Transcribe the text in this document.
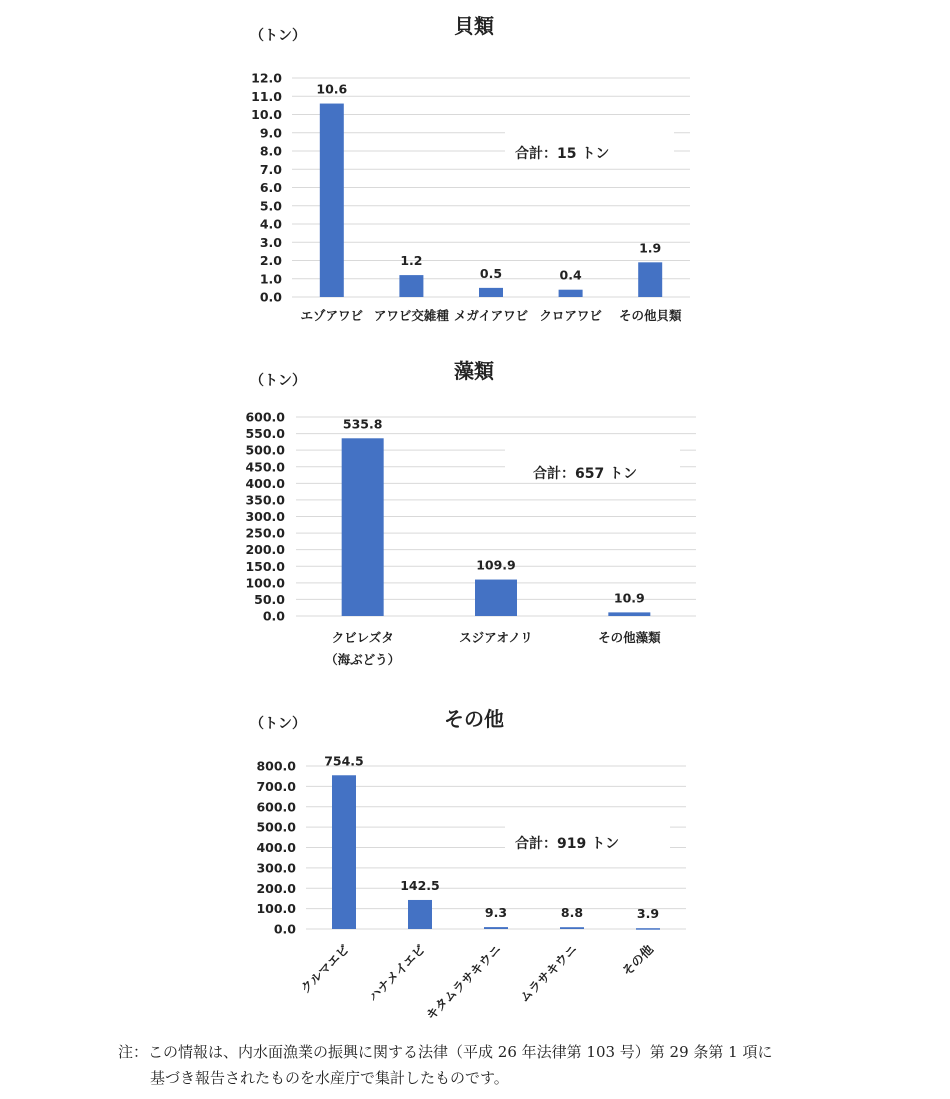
貝類
（トン）
合計：15 トン
0.0
1.0
2.0
3.0
4.0
5.0
6.0
7.0
8.0
9.0
10.0
11.0
12.0
10.6
エゾアワビ
1.2
アワビ交雑種
0.5
メガイアワビ
0.4
クロアワビ
1.9
その他貝類
藻類
（トン）
合計：657 トン
0.0
50.0
100.0
150.0
200.0
250.0
300.0
350.0
400.0
450.0
500.0
550.0
600.0	535.8
クビレズタ
（海ぶどう）
109.9
スジアオノリ
10.9
その他藻類
その他
（トン）
合計：919 トン
0.0
100.0
200.0
300.0
400.0
500.0
600.0
700.0
800.0 754.5
クルマエビ
142.5
ハナメイエビ
9.3
キタムラサキウニ
8.8
ムラサキウニ
3.9
その他
注：この情報は、内水面漁業の振興に関する法律（平成 26 年法律第 103 号）第 29 条第 1 項に
基づき報告されたものを水産庁で集計したものです。
